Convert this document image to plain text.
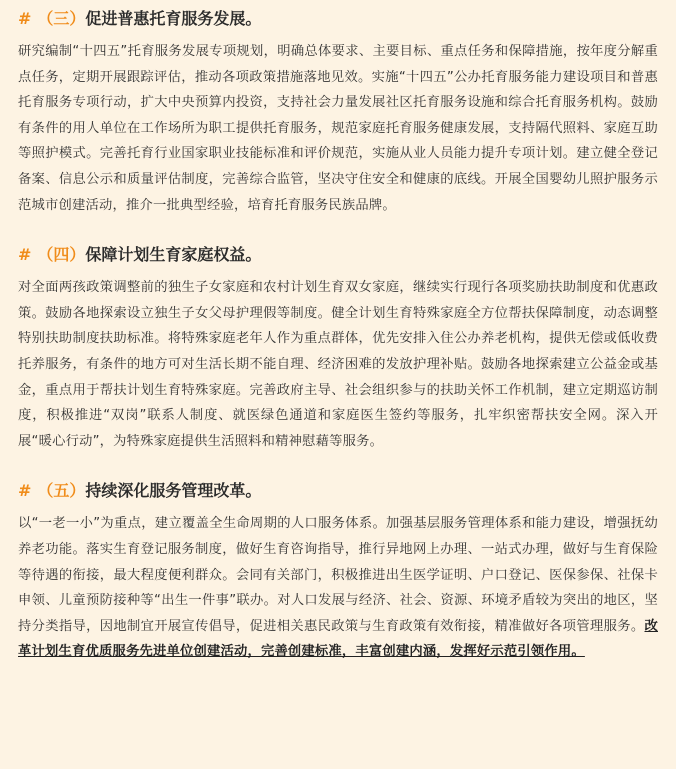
# （三）促进普惠托育服务发展。

研究编制“十四五”托育服务发展专项规划，明确总体要求、主要目标、重点任务和保障措施，按年度分解重点任务，定期开展跟踪评估，推动各项政策措施落地见效。实施“十四五”公办托育服务能力建设项目和普惠托育服务专项行动，扩大中央预算内投资，支持社会力量发展社区托育服务设施和综合托育服务机构。鼓励有条件的用人单位在工作场所为职工提供托育服务，规范家庭托育服务健康发展，支持隔代照料、家庭互助等照护模式。完善托育行业国家职业技能标准和评价规范，实施从业人员能力提升专项计划。建立健全登记备案、信息公示和质量评估制度，完善综合监管，坚决守住安全和健康的底线。开展全国婴幼儿照护服务示范城市创建活动，推介一批典型经验，培育托育服务民族品牌。

# （四）保障计划生育家庭权益。

对全面两孩政策调整前的独生子女家庭和农村计划生育双女家庭，继续实行现行各项奖励扶助制度和优惠政策。鼓励各地探索设立独生子女父母护理假等制度。健全计划生育特殊家庭全方位帮扶保障制度，动态调整特别扶助制度扶助标准。将特殊家庭老年人作为重点群体，优先安排入住公办养老机构，提供无偿或低收费托养服务，有条件的地方可对生活长期不能自理、经济困难的发放护理补贴。鼓励各地探索建立公益金或基金，重点用于帮扶计划生育特殊家庭。完善政府主导、社会组织参与的扶助关怀工作机制，建立定期巡访制度，积极推进“双岗”联系人制度、就医绿色通道和家庭医生签约等服务，扎牢织密帮扶安全网。深入开展“暖心行动”，为特殊家庭提供生活照料和精神慰藉等服务。

# （五）持续深化服务管理改革。

以“一老一小”为重点，建立覆盖全生命周期的人口服务体系。加强基层服务管理体系和能力建设，增强抚幼养老功能。落实生育登记服务制度，做好生育咨询指导，推行异地网上办理、一站式办理，做好与生育保险等待遇的衔接，最大程度便利群众。会同有关部门，积极推进出生医学证明、户口登记、医保参保、社保卡申领、儿童预防接种等“出生一件事”联办。对人口发展与经济、社会、资源、环境矛盾较为突出的地区，坚持分类指导，因地制宜开展宣传倡导，促进相关惠民政策与生育政策有效衔接，精准做好各项管理服务。改革计划生育优质服务先进单位创建活动，完善创建标准，丰富创建内涵，发挥好示范引领作用。
